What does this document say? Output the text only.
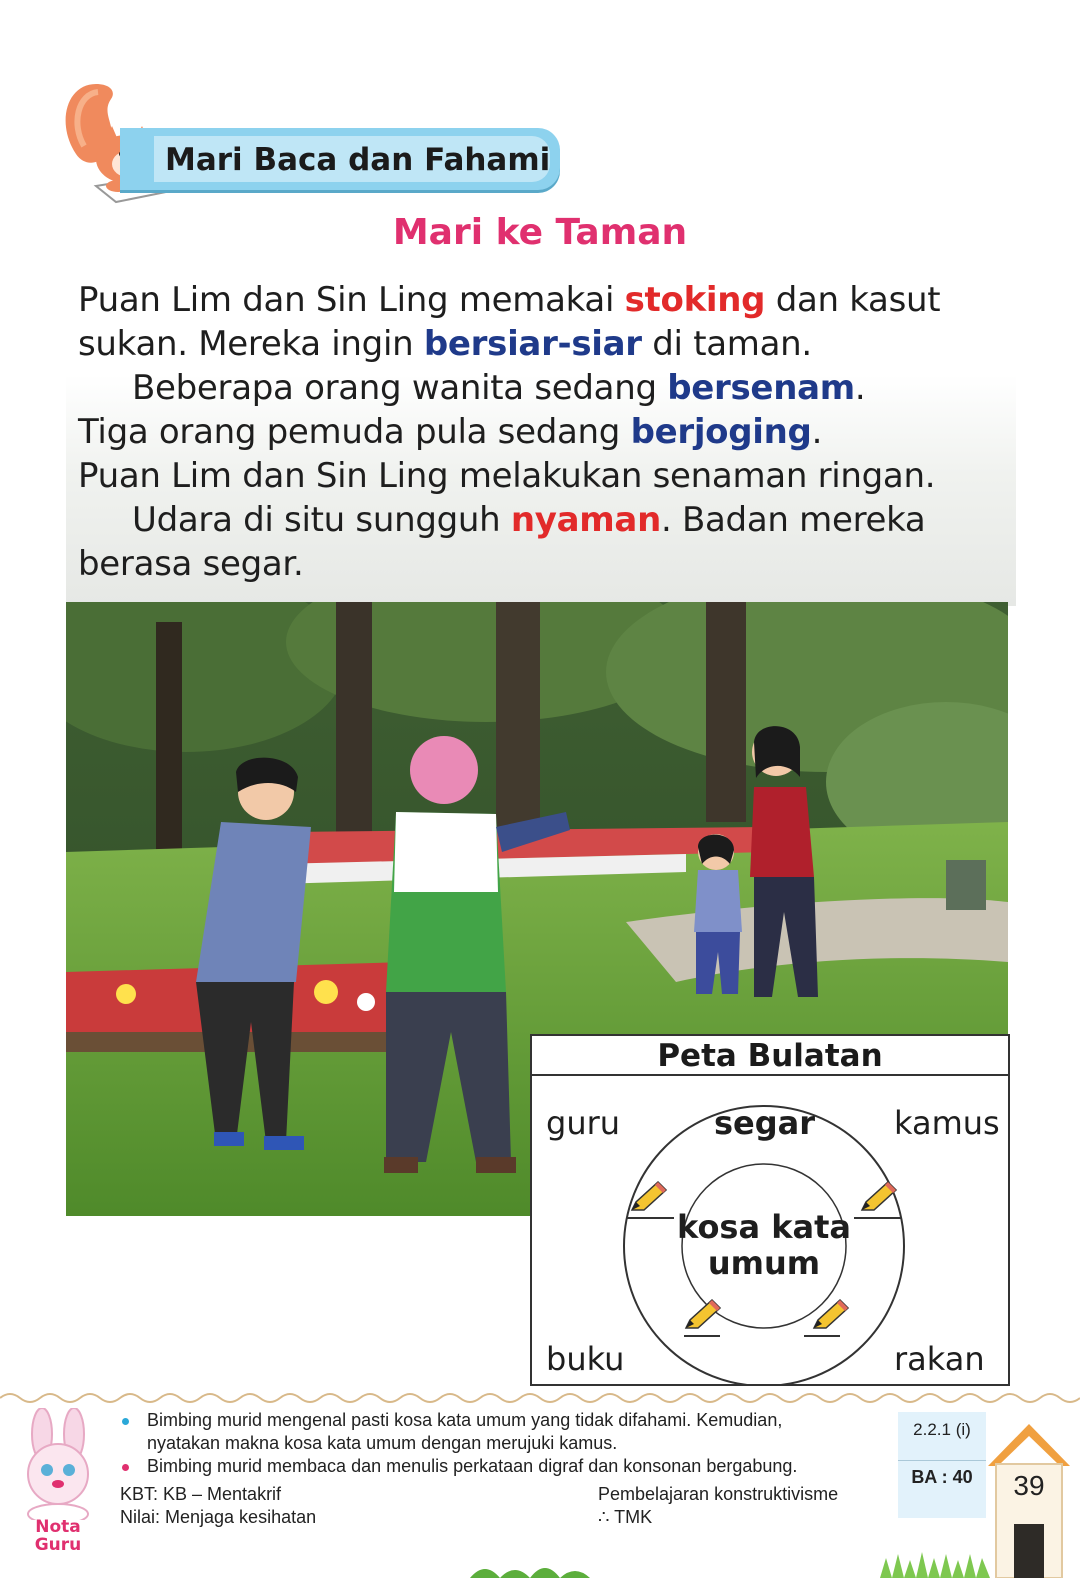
Mari Baca dan Fahami
Mari ke Taman
Puan Lim dan Sin Ling memakai stoking dan kasut
sukan. Mereka ingin bersiar-siar di taman.
Beberapa orang wanita sedang bersenam.
Tiga orang pemuda pula sedang berjoging.
Puan Lim dan Sin Ling melakukan senaman ringan.
Udara di situ sungguh nyaman. Badan mereka
berasa segar.
Peta Bulatan
guru	kamus
buku	rakan
segar
kosa kata
umum
Nota
Guru
Bimbing murid mengenal pasti kosa kata umum yang tidak difahami. Kemudian,
nyatakan makna kosa kata umum dengan merujuki kamus.
Bimbing murid membaca dan menulis perkataan digraf dan konsonan bergabung.
KBT: KB – Mentakrif
Nilai: Menjaga kesihatan
Pembelajaran konstruktivisme
∴ TMK
2.2.1 (i)
BA : 40	39
